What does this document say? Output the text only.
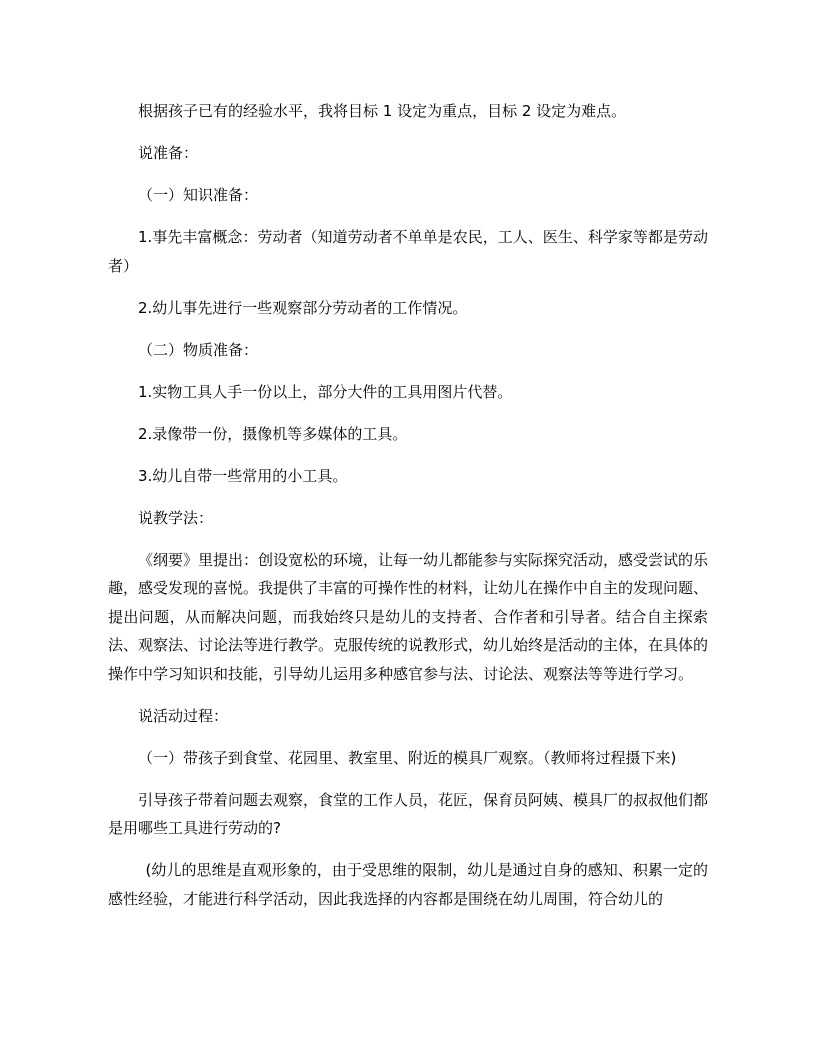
根据孩子已有的经验水平，我将目标 1 设定为重点，目标 2 设定为难点。

说准备：

（一）知识准备：

1.事先丰富概念：劳动者（知道劳动者不单单是农民，工人、医生、科学家等都是劳动者）

2.幼儿事先进行一些观察部分劳动者的工作情况。

（二）物质准备：

1.实物工具人手一份以上，部分大件的工具用图片代替。

2.录像带一份，摄像机等多媒体的工具。

3.幼儿自带一些常用的小工具。

说教学法：

《纲要》里提出：创设宽松的环境，让每一幼儿都能参与实际探究活动，感受尝试的乐趣，感受发现的喜悦。我提供了丰富的可操作性的材料，让幼儿在操作中自主的发现问题、提出问题，从而解决问题，而我始终只是幼儿的支持者、合作者和引导者。结合自主探索法、观察法、讨论法等进行教学。克服传统的说教形式，幼儿始终是活动的主体，在具体的操作中学习知识和技能，引导幼儿运用多种感官参与法、讨论法、观察法等等进行学习。

说活动过程：

（一）带孩子到食堂、花园里、教室里、附近的模具厂观察。（教师将过程摄下来)

引导孩子带着问题去观察，食堂的工作人员，花匠，保育员阿姨、模具厂的叔叔他们都是用哪些工具进行劳动的?

(幼儿的思维是直观形象的，由于受思维的限制，幼儿是通过自身的感知、积累一定的感性经验，才能进行科学活动，因此我选择的内容都是围绕在幼儿周围，符合幼儿的
